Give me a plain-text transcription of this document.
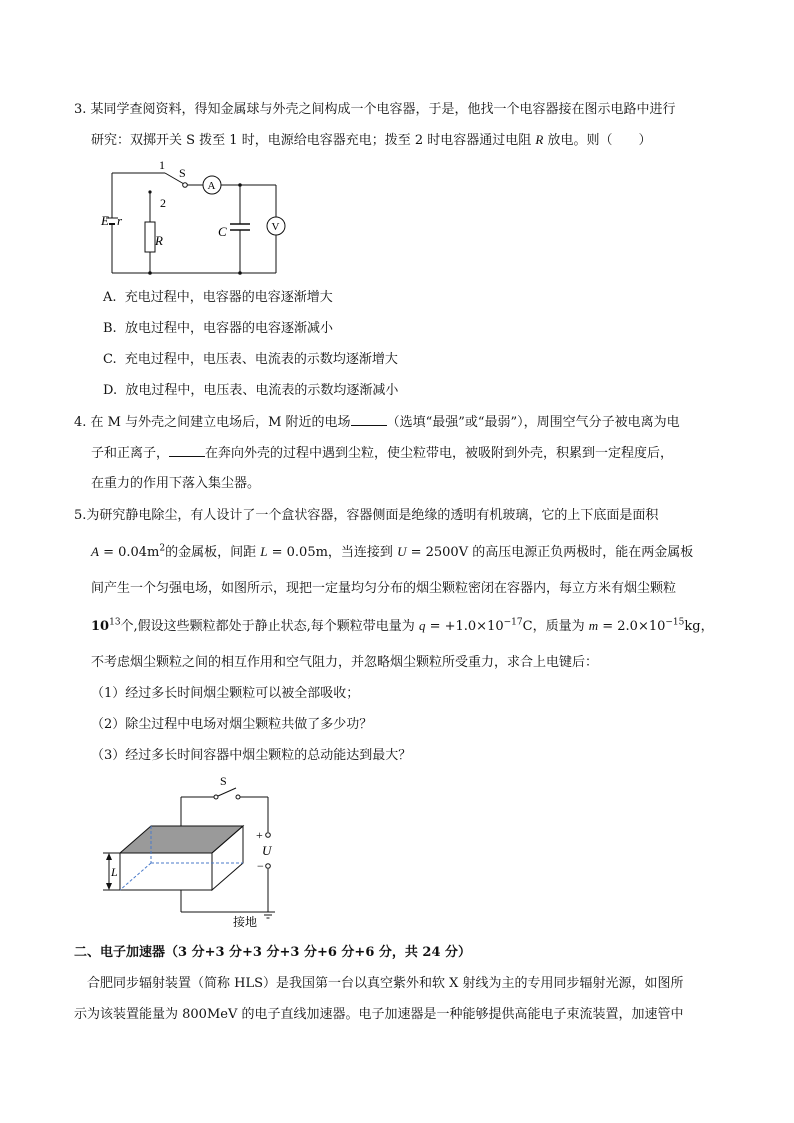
3. 某同学查阅资料，得知金属球与外壳之间构成一个电容器，于是，他找一个电容器接在图示电路中进行
研究：双掷开关 S 拨至 1 时，电源给电容器充电；拨至 2 时电容器通过电阻 R 放电。则（　　）
1
S
2
A
V
E r
R
C
A. 充电过程中，电容器的电容逐渐增大
B. 放电过程中，电容器的电容逐渐减小
C. 充电过程中，电压表、电流表的示数均逐渐增大
D. 放电过程中，电压表、电流表的示数均逐渐减小
4. 在 M 与外壳之间建立电场后，M 附近的电场	（选填“最强”或“最弱”），周围空气分子被电离为电
子和正离子，	在奔向外壳的过程中遇到尘粒，使尘粒带电，被吸附到外壳，积累到一定程度后，
在重力的作用下落入集尘器。
5.为研究静电除尘，有人设计了一个盒状容器，容器侧面是绝缘的透明有机玻璃，它的上下底面是面积
$A = 0.04m^2$的金属板，间距 L = 0.05m，当连接到 U = 2500V 的高压电源正负两极时，能在两金属板
间产生一个匀强电场，如图所示，现把一定量均匀分布的烟尘颗粒密闭在容器内，每立方米有烟尘颗粒
$10^{13}$个,假设这些颗粒都处于静止状态,每个颗粒带电量为 $q = +1.0\times 10^{-17}C$，质量为 $m = 2.0\times 10^{-15}kg$，
不考虑烟尘颗粒之间的相互作用和空气阻力，并忽略烟尘颗粒所受重力，求合上电键后：
（1）经过多长时间烟尘颗粒可以被全部吸收；
（2）除尘过程中电场对烟尘颗粒共做了多少功？
（3）经过多长时间容器中烟尘颗粒的总动能达到最大？
S
+
U
−
L
接地
二、电子加速器（3 分+3 分+3 分+3 分+6 分+6 分，共 24 分）
合肥同步辐射装置（简称 HLS）是我国第一台以真空紫外和软 X 射线为主的专用同步辐射光源，如图所
示为该装置能量为 800MeV 的电子直线加速器。电子加速器是一种能够提供高能电子束流装置，加速管中
